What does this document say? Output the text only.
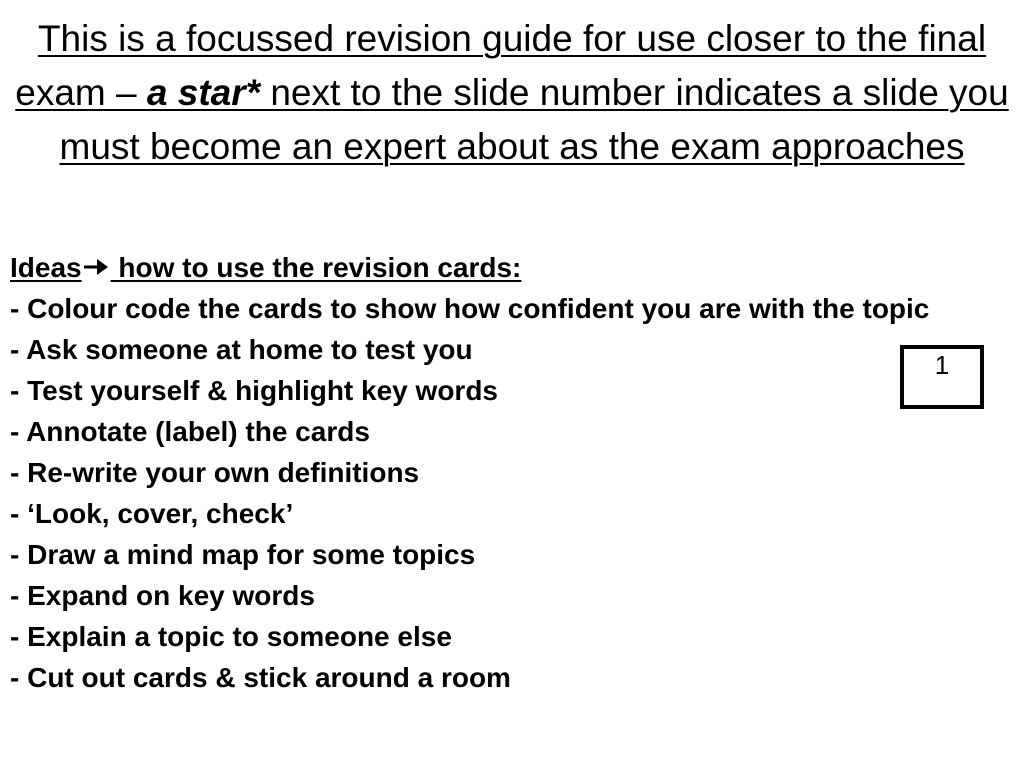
This is a focussed revision guide for use closer to the final exam – a star* next to the slide number indicates a slide you must become an expert about as the exam approaches
Ideas how to use the revision cards:
- Colour code the cards to show how confident you are with the topic
- Ask someone at home to test you
- Test yourself & highlight key words
- Annotate (label) the cards
- Re-write your own definitions
- ‘Look, cover, check’
- Draw a mind map for some topics
- Expand on key words
- Explain a topic to someone else
- Cut out cards & stick around a room
1
